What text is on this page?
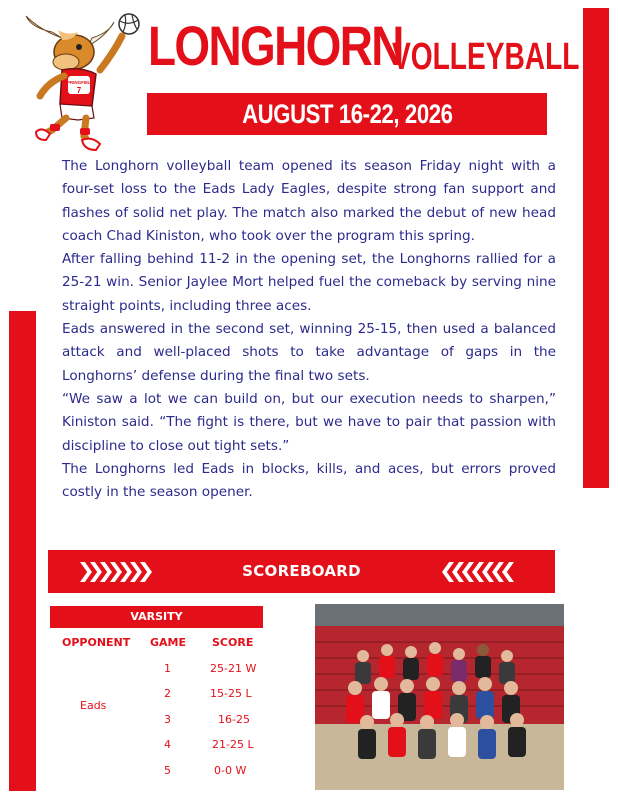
SPRINGFIELD
7
LONGHORN
VOLLEYBALL
AUGUST 16-22, 2026

The Longhorn volleyball team opened its season Friday night with a four-set loss to the Eads Lady Eagles, despite strong fan support and flashes of solid net play. The match also marked the debut of new head coach Chad Kiniston, who took over the program this spring.

After falling behind 11-2 in the opening set, the Longhorns rallied for a 25-21 win. Senior Jaylee Mort helped fuel the comeback by serving nine straight points, including three aces.

Eads answered in the second set, winning 25-15, then used a balanced attack and well-placed shots to take advantage of gaps in the Longhorns’ defense during the final two sets.

“We saw a lot we can build on, but our execution needs to sharpen,” Kiniston said. “The fight is there, but we have to pair that passion with discipline to close out tight sets.”

The Longhorns led Eads in blocks, kills, and aces, but errors proved costly in the season opener.

SCOREBOARD
VARSITY
OPPONENT GAME SCORE
Eads
1	25-21 W
2	15-25 L
3	16-25
4	21-25 L
5	0-0 W
